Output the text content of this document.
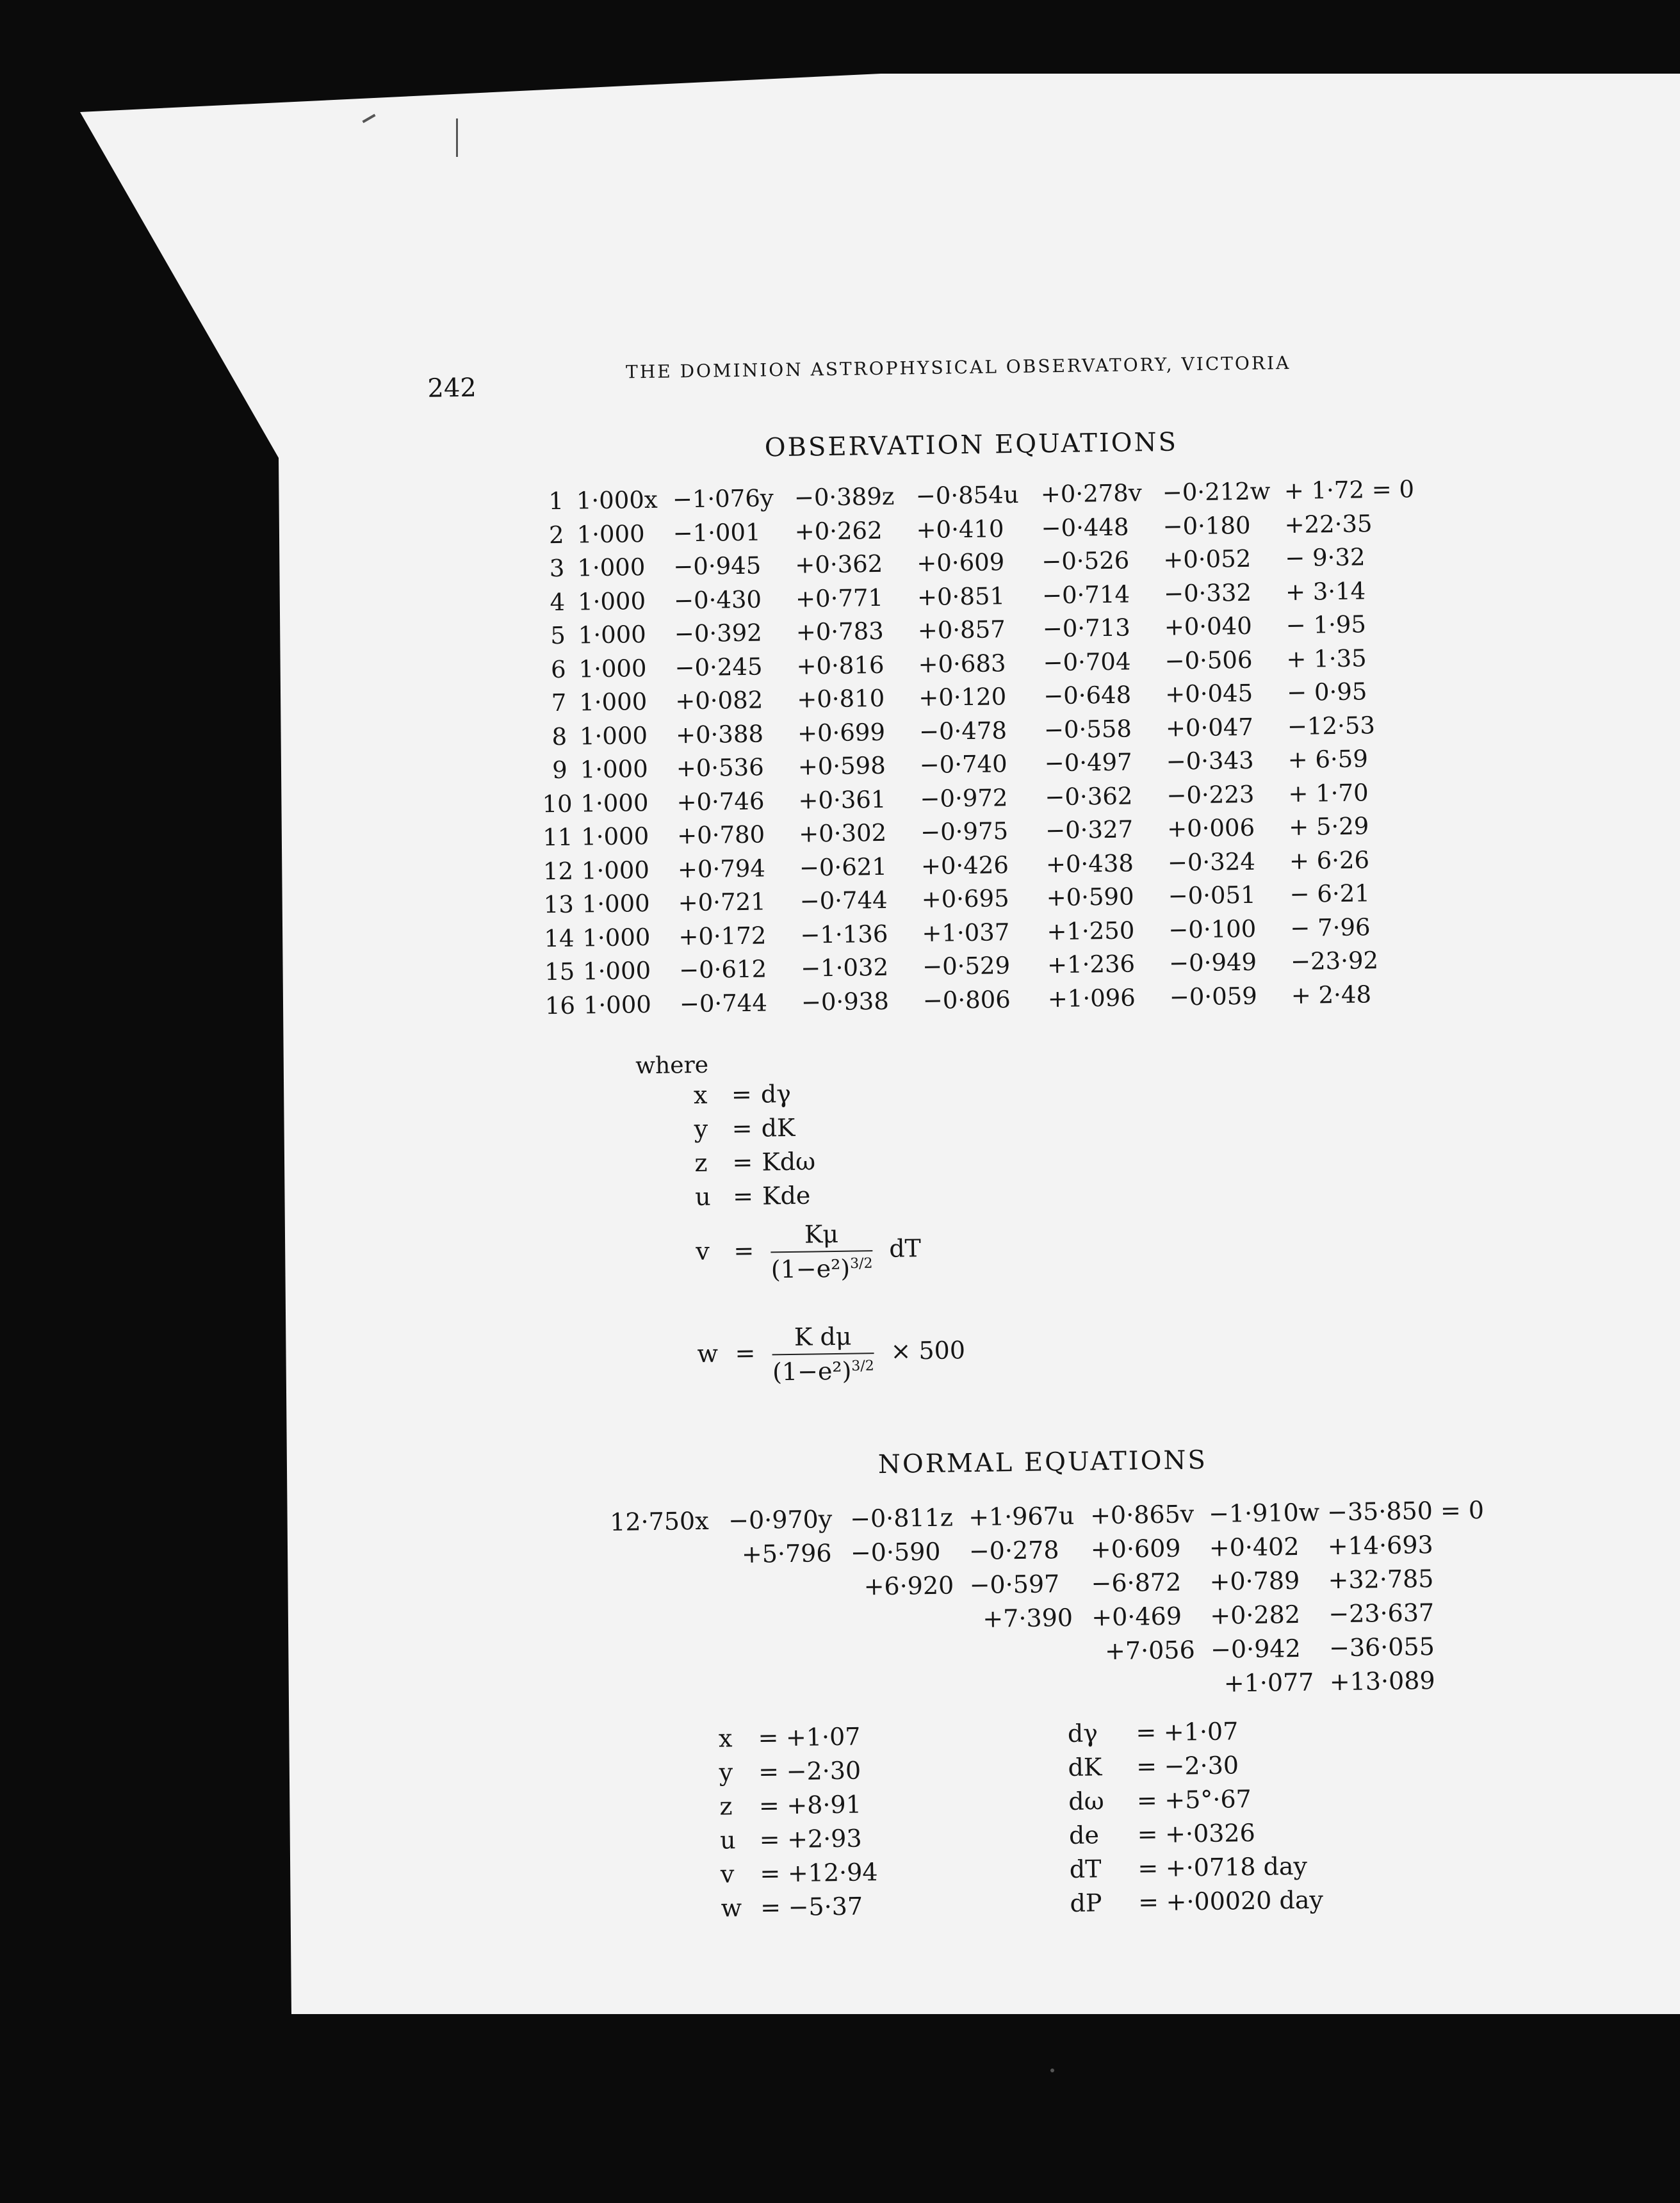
242
THE DOMINION ASTROPHYSICAL OBSERVATORY, VICTORIA
OBSERVATION EQUATIONS
1 1·000x −1·076y −0·389z −0·854u +0·278v −0·212w + 1·72 = 0
2 1·000 −1·001 +0·262 +0·410 −0·448 −0·180 +22·35
3 1·000 −0·945 +0·362 +0·609 −0·526 +0·052 − 9·32
4 1·000 −0·430 +0·771 +0·851 −0·714 −0·332 + 3·14
5 1·000 −0·392 +0·783 +0·857 −0·713 +0·040 − 1·95
6 1·000 −0·245 +0·816 +0·683 −0·704 −0·506 + 1·35
7 1·000 +0·082 +0·810 +0·120 −0·648 +0·045 − 0·95
8 1·000 +0·388 +0·699 −0·478 −0·558 +0·047 −12·53
9 1·000 +0·536 +0·598 −0·740 −0·497 −0·343 + 6·59
10 1·000 +0·746 +0·361 −0·972 −0·362 −0·223 + 1·70
11 1·000 +0·780 +0·302 −0·975 −0·327 +0·006 + 5·29
12 1·000 +0·794 −0·621 +0·426 +0·438 −0·324 + 6·26
13 1·000 +0·721 −0·744 +0·695 +0·590 −0·051 − 6·21
14 1·000 +0·172 −1·136 +1·037 +1·250 −0·100 − 7·96
15 1·000 −0·612 −1·032 −0·529 +1·236 −0·949 −23·92
16 1·000 −0·744 −0·938 −0·806 +1·096 −0·059 + 2·48
where
x = dγ
y = dK
z = Kdω
u = Kde
$v = \frac{K\mu}{(1-e^2)^{3/2}}$ dT
$w = \frac{\text{K dμ}}{(1-e^2)^{3/2}} \times 500$
NORMAL EQUATIONS
12·750x −0·970y −0·811z +1·967u +0·865v −1·910w −35·850 = 0
+5·796 −0·590 −0·278 +0·609 +0·402 +14·693
+6·920 −0·597 −6·872 +0·789 +32·785
+7·390 +0·469 +0·282 −23·637
+7·056 −0·942 −36·055
+1·077 +13·089
x = +1·07
y = −2·30
z = +8·91
u = +2·93
v = +12·94
w = −5·37
dγ = +1·07
dK = −2·30
dω = +5°·67
de = +·0326
dT = +·0718 day
dP = +·00020 day
